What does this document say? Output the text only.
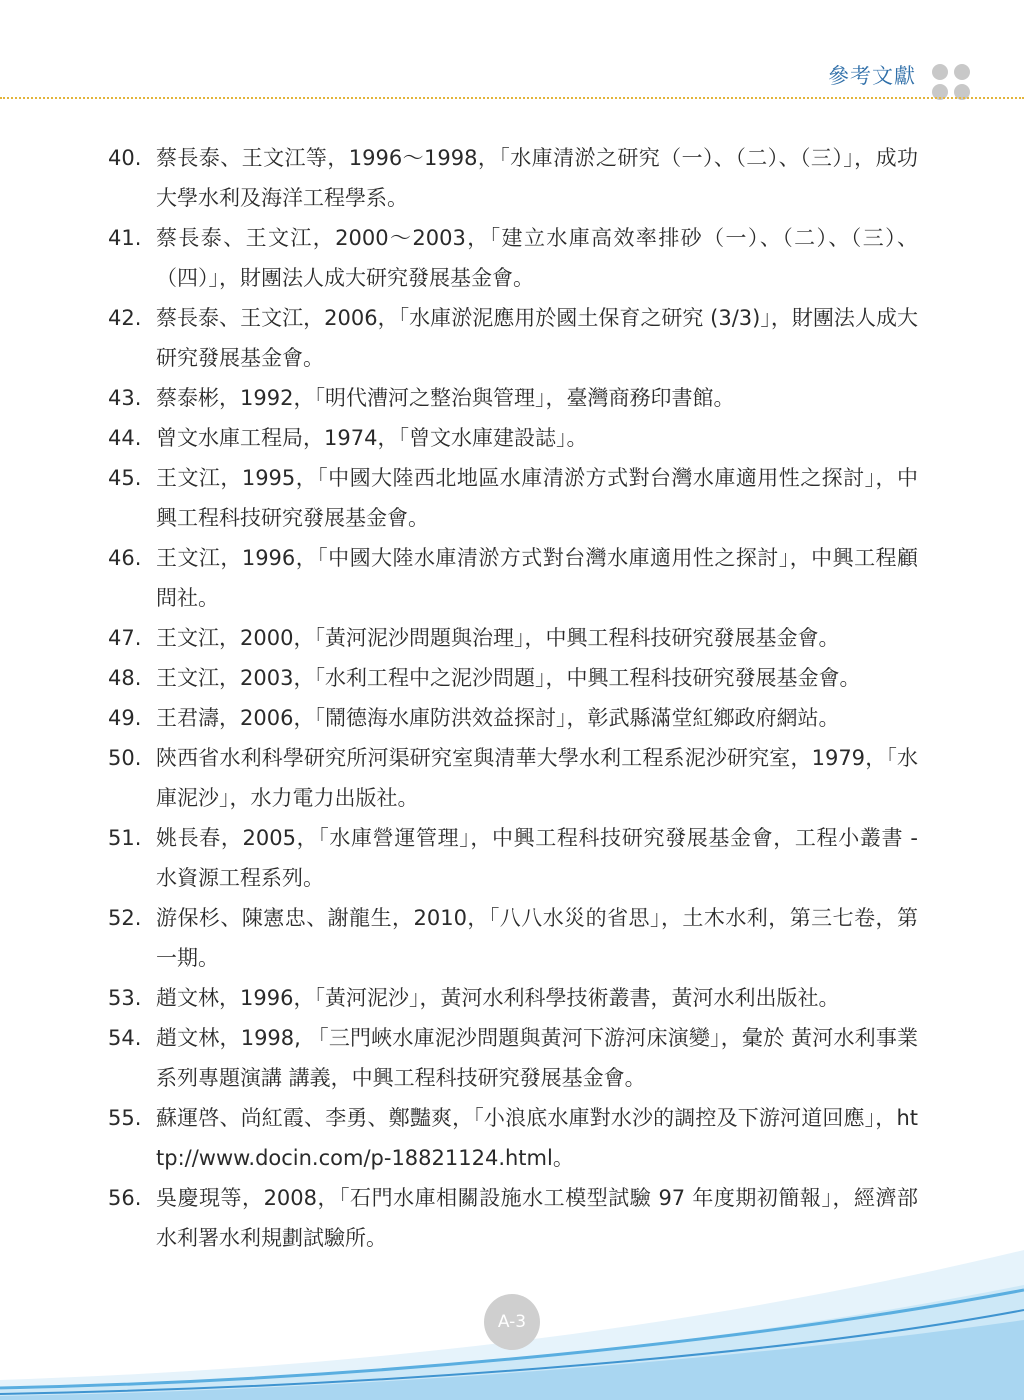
參考文獻
40. 蔡長泰、王文江等，1996～1998，「水庫清淤之研究（一）、（二）、（三）」，成功大學水利及海洋工程學系。
41. 蔡長泰、王文江，2000～2003，「建立水庫高效率排砂（一）、（二）、（三）、（四）」，財團法人成大研究發展基金會。
42. 蔡長泰、王文江，2006，「水庫淤泥應用於國土保育之研究 (3/3)」，財團法人成大研究發展基金會。
43. 蔡泰彬，1992，「明代漕河之整治與管理」，臺灣商務印書館。
44. 曾文水庫工程局，1974，「曾文水庫建設誌」。
45. 王文江，1995，「中國大陸西北地區水庫清淤方式對台灣水庫適用性之探討」，中興工程科技研究發展基金會。
46. 王文江，1996，「中國大陸水庫清淤方式對台灣水庫適用性之探討」，中興工程顧問社。
47. 王文江，2000，「黃河泥沙問題與治理」，中興工程科技研究發展基金會。
48. 王文江，2003，「水利工程中之泥沙問題」，中興工程科技研究發展基金會。
49. 王君濤，2006，「鬧德海水庫防洪效益探討」，彰武縣滿堂紅鄉政府網站。
50. 陝西省水利科學研究所河渠研究室與清華大學水利工程系泥沙研究室，1979，「水庫泥沙」，水力電力出版社。
51. 姚長春，2005，「水庫營運管理」，中興工程科技研究發展基金會，工程小叢書 - 水資源工程系列。
52. 游保杉、陳憲忠、謝龍生，2010，「八八水災的省思」，土木水利，第三七卷，第一期。
53. 趙文林，1996，「黃河泥沙」，黃河水利科學技術叢書，黃河水利出版社。
54. 趙文林，1998, 「三門峽水庫泥沙問題與黃河下游河床演變」，彙於 黃河水利事業系列專題演講 講義，中興工程科技研究發展基金會。
55. 蘇運啓、尚紅霞、李勇、鄭豔爽，「小浪底水庫對水沙的調控及下游河道回應」，http://www.docin.com/p-18821124.html。
56. 吳慶現等，2008，「石門水庫相關設施水工模型試驗 97 年度期初簡報」，經濟部水利署水利規劃試驗所。
A-3
